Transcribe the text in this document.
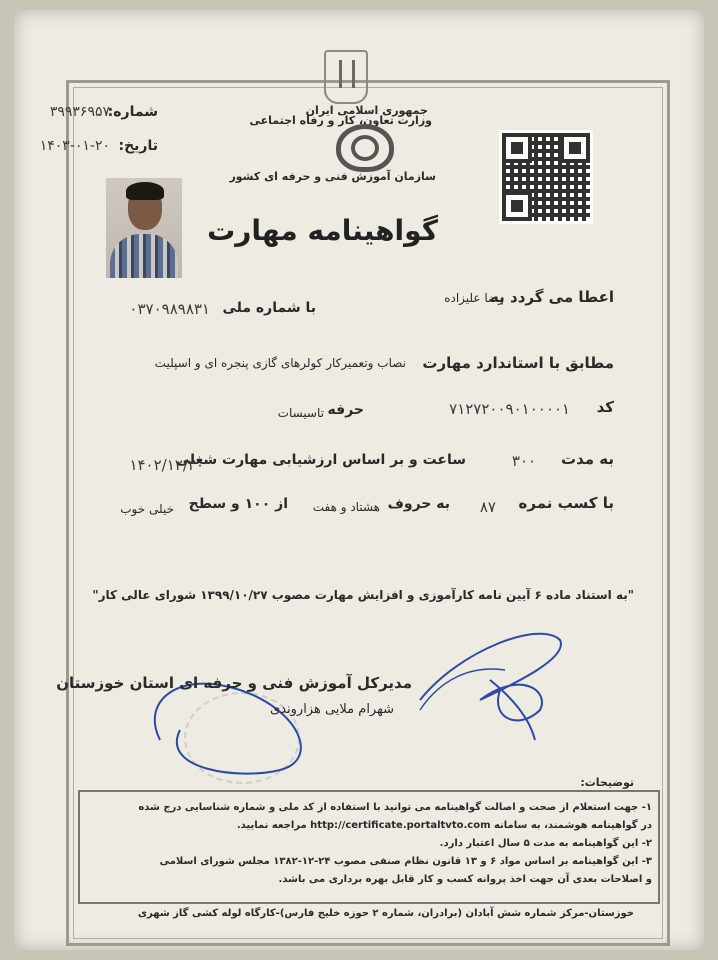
جمهوری اسلامی ایران
وزارت تعاون، کار و رفاه اجتماعی
شماره:
۳۹۹۳۶۹۵۷
تاریخ:
۱۴۰۳-۰۱-۲۰
سازمان آموزش فنی و حرفه ای کشور
گواهینامه مهارت
اعطا می گردد به
رضا علیزاده
با شماره ملی
۰۳۷۰۹۸۹۸۳۱
مطابق با استاندارد مهارت
نصاب وتعمیرکار کولرهای گازی پنجره ای و اسپلیت
کد
۷۱۲۷۲۰۰۹۰۱۰۰۰۰۱
حرفه
تاسیسات
به مدت
۳۰۰
ساعت و بر اساس ارزشیابی مهارت شغلی
۱۴۰۲/۱۲/۲۰
با کسب نمره
۸۷
به حروف
هشتاد و هفت
از ۱۰۰ و سطح
خیلی خوب
"به استناد ماده ۶ آیین نامه کارآموزی و افزایش مهارت مصوب ۱۳۹۹/۱۰/۲۷ شورای عالی کار"
مدیرکل آموزش فنی و حرفه ای استان خوزستان
شهرام ملایی هزاروندی
توضیحات:
۱- جهت استعلام از صحت و اصالت گواهینامه می توانید با استفاده از کد ملی و شماره شناسایی درج شده
در گواهینامه هوشمند، به سامانه http://certificate.portaltvto.com مراجعه نمایید.
۲- این گواهینامه به مدت ۵ سال اعتبار دارد.
۳- این گواهینامه بر اساس مواد ۶ و ۱۳ قانون نظام صنفی مصوب ۲۴-۱۲-۱۳۸۲ مجلس شورای اسلامی
و اصلاحات بعدی آن جهت اخذ پروانه کسب و کار قابل بهره برداری می باشد.
خوزستان-مرکز شماره شش آبادان (برادران، شماره ۲ حوزه خلیج فارس)-کارگاه لوله کشی گاز شهری
